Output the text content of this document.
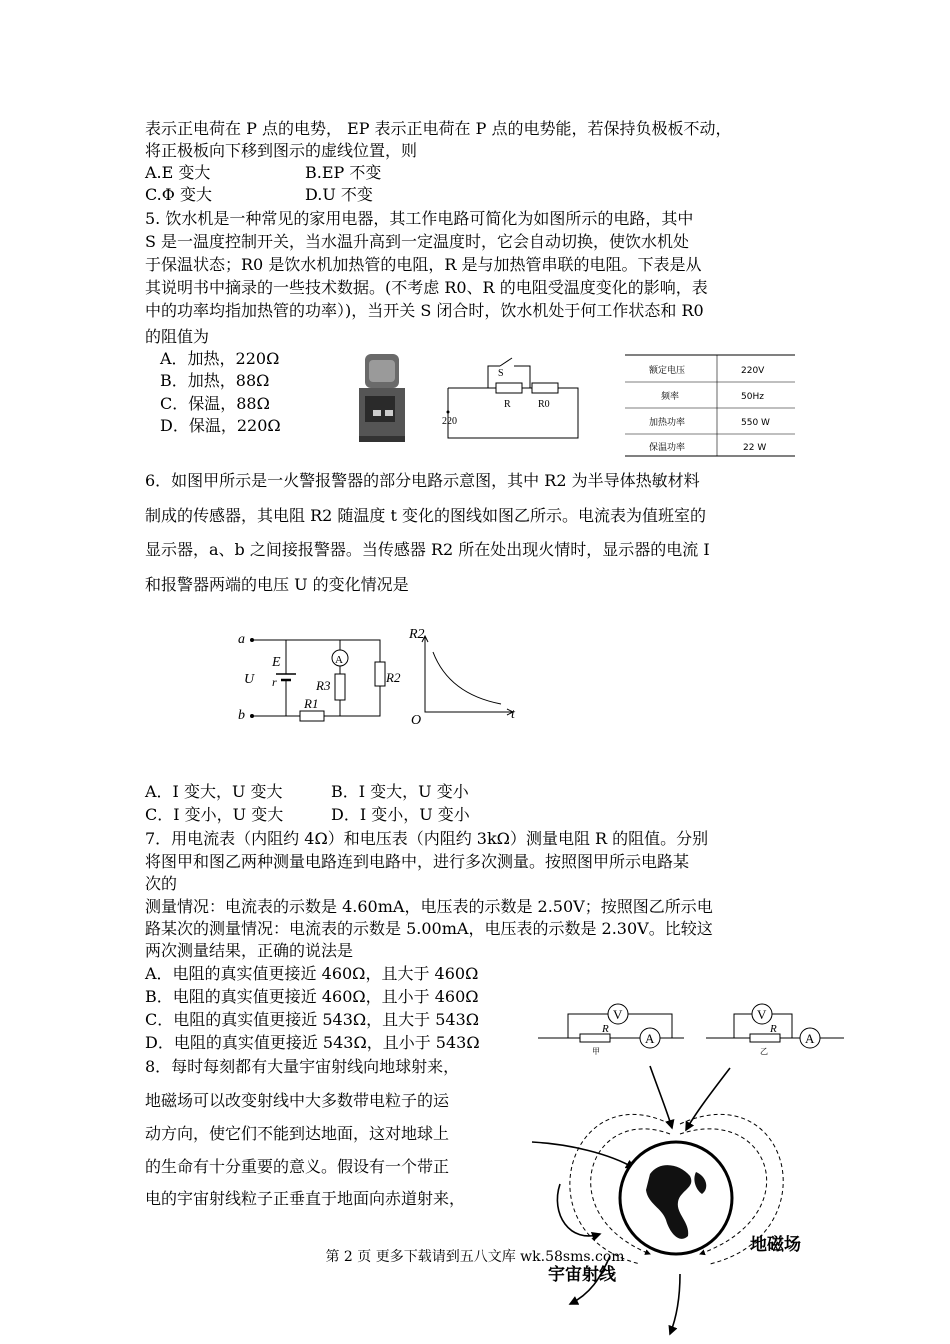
表示正电荷在 P 点的电势， EP 表示正电荷在 P 点的电势能，若保持负极板不动，
将正极板向下移到图示的虚线位置，则
A.E 变大	B.EP 不变
C.Φ 变大	D.U 不变
5. 饮水机是一种常见的家用电器，其工作电路可简化为如图所示的电路，其中
S 是一温度控制开关，当水温升高到一定温度时，它会自动切换，使饮水机处
于保温状态；R0 是饮水机加热管的电阻，R 是与加热管串联的电阻。下表是从
其说明书中摘录的一些技术数据。(不考虑 R0、R 的电阻受温度变化的影响，表
中的功率均指加热管的功率）)，当开关 S 闭合时，饮水机处于何工作状态和 R0
的阻值为
A．加热，220Ω
B．加热，88Ω
C．保温，88Ω
D．保温，220Ω
S
R	R0
220
额定电压	220V
频率	50Hz
加热功率	550 W
保温功率	22 W
6．如图甲所示是一火警报警器的部分电路示意图，其中 R2 为半导体热敏材料
制成的传感器，其电阻 R2 随温度 t 变化的图线如图乙所示。电流表为值班室的
显示器，a、b 之间接报警器。当传感器 R2 所在处出现火情时，显示器的电流 I
和报警器两端的电压 U 的变化情况是
a
b
U
E
r
A
R3
R1
R2
R2
t
O
A．I 变大，U 变大	B．I 变大，U 变小
C．I 变小，U 变大	D．I 变小，U 变小
7．用电流表（内阻约 4Ω）和电压表（内阻约 3kΩ）测量电阻 R 的阻值。分别
将图甲和图乙两种测量电路连到电路中，进行多次测量。按照图甲所示电路某
次的
测量情况：电流表的示数是 4.60mA，电压表的示数是 2.50V；按照图乙所示电
路某次的测量情况：电流表的示数是 5.00mA，电压表的示数是 2.30V。比较这
两次测量结果，正确的说法是
A．电阻的真实值更接近 460Ω，且大于 460Ω
B．电阻的真实值更接近 460Ω，且小于 460Ω
C．电阻的真实值更接近 543Ω，且大于 543Ω
D．电阻的真实值更接近 543Ω，且小于 543Ω
V
A
R
甲
V
A
R
乙
8．每时每刻都有大量宇宙射线向地球射来，
地磁场可以改变射线中大多数带电粒子的运
动方向，使它们不能到达地面，这对地球上
的生命有十分重要的意义。假设有一个带正
电的宇宙射线粒子正垂直于地面向赤道射来，
地磁场
宇宙射线
第 2 页 更多下载请到五八文库 wk.58sms.com
